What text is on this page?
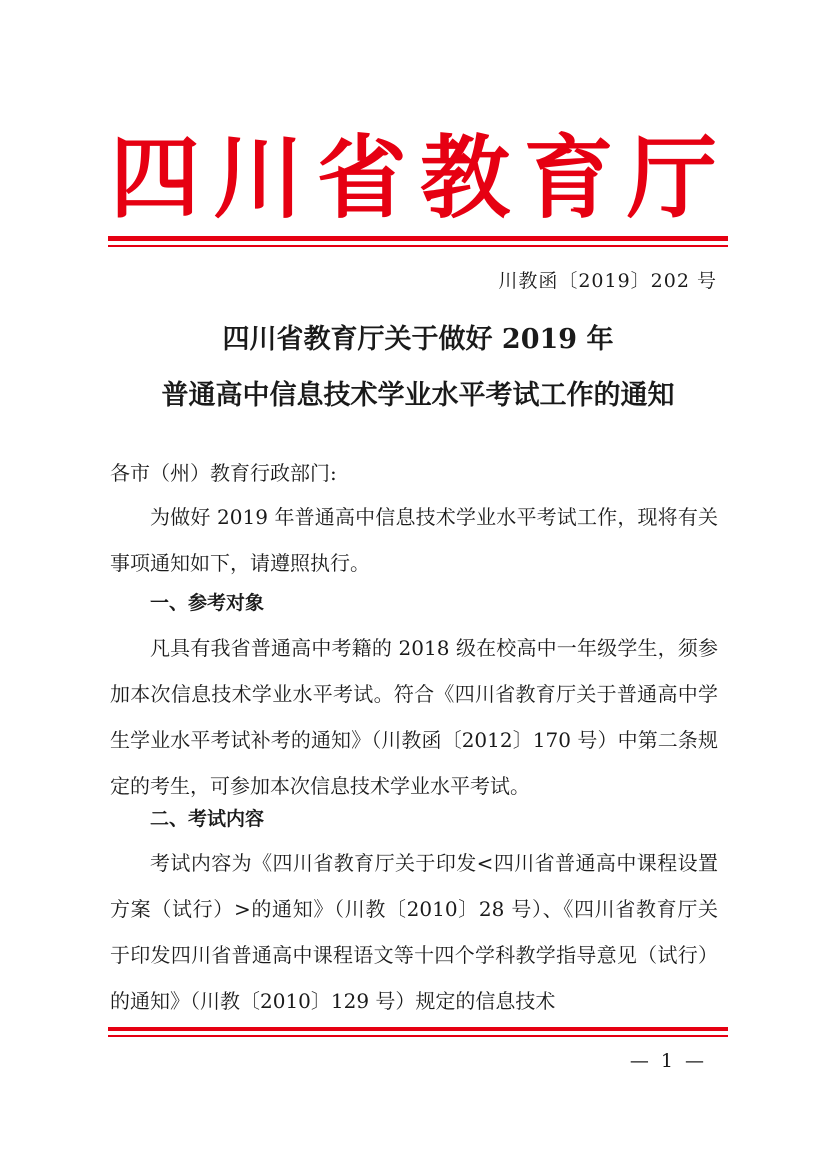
四 川 省 教 育 厅
川教函〔2019〕202 号
四川省教育厅关于做好 2019 年
普通高中信息技术学业水平考试工作的通知
各市（州）教育行政部门:
为做好 2019 年普通高中信息技术学业水平考试工作，现将有关事项通知如下，请遵照执行。
一、参考对象
凡具有我省普通高中考籍的 2018 级在校高中一年级学生，须参加本次信息技术学业水平考试。符合《四川省教育厅关于普通高中学生学业水平考试补考的通知》（川教函〔2012〕170 号）中第二条规定的考生，可参加本次信息技术学业水平考试。
二、考试内容
考试内容为《四川省教育厅关于印发<四川省普通高中课程设置方案（试行）>的通知》（川教〔2010〕28 号）、《四川省教育厅关于印发四川省普通高中课程语文等十四个学科教学指导意见（试行）的通知》（川教〔2010〕129 号）规定的信息技术
— 1 —
